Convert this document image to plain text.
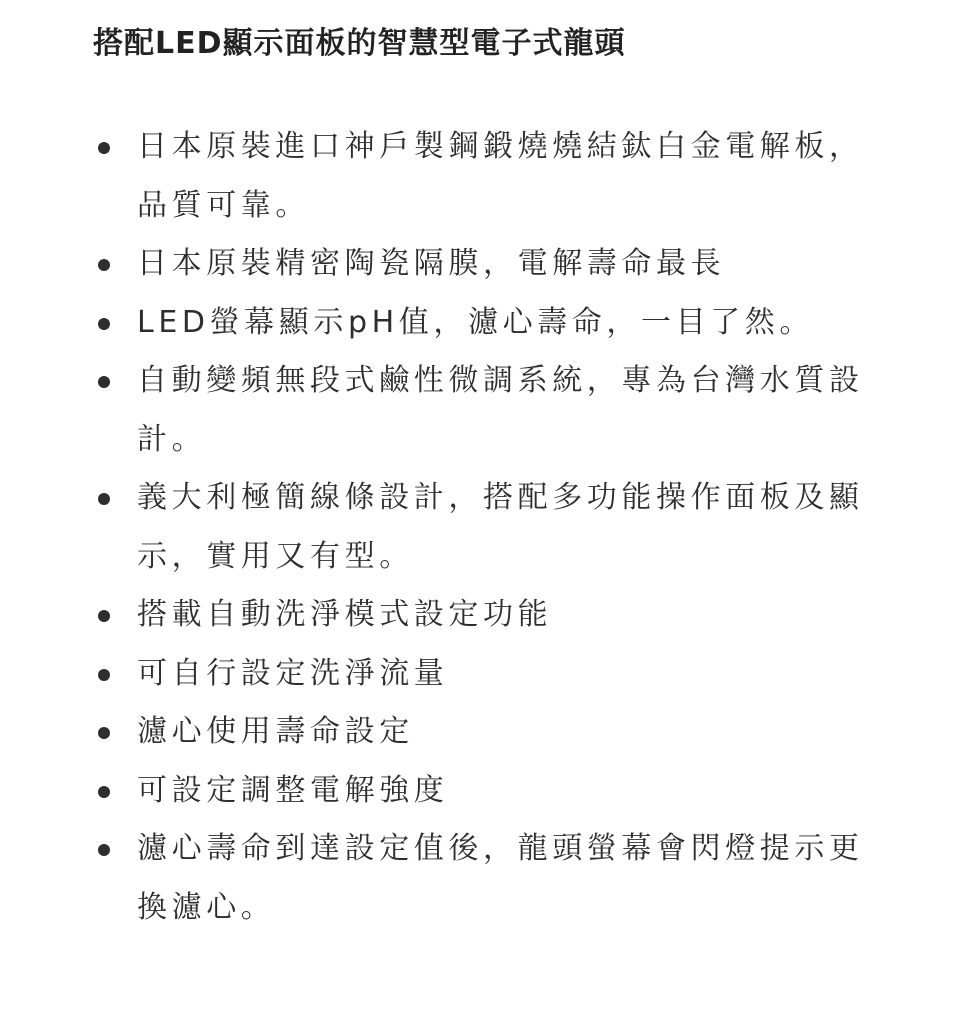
搭配LED顯示面板的智慧型電子式龍頭
日本原裝進口神戶製鋼鍛燒燒結鈦白金電解板，品質可靠。
日本原裝精密陶瓷隔膜，電解壽命最長
LED螢幕顯示pH值，濾心壽命，一目了然。
自動變頻無段式鹼性微調系統，專為台灣水質設計。
義大利極簡線條設計，搭配多功能操作面板及顯示，實用又有型。
搭載自動洗淨模式設定功能
可自行設定洗淨流量
濾心使用壽命設定
可設定調整電解強度
濾心壽命到達設定值後，龍頭螢幕會閃燈提示更換濾心。
